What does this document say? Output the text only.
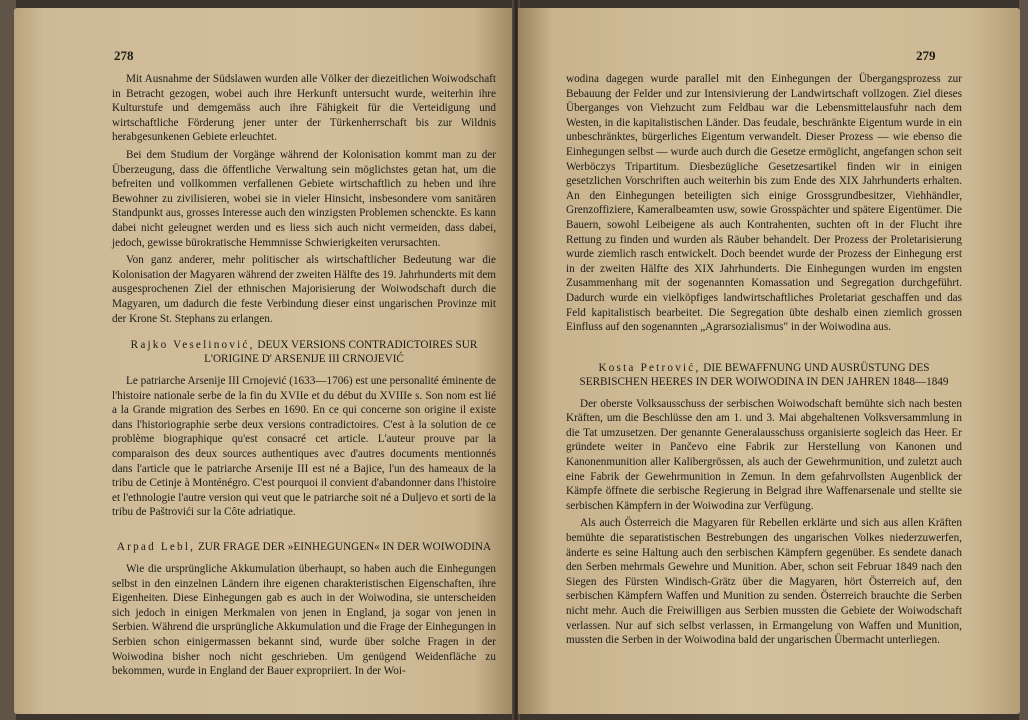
278

Mit Ausnahme der Südslawen wurden alle Völker der diezeitlichen Woiwodschaft in Betracht gezogen, wobei auch ihre Herkunft untersucht wurde, weiterhin ihre Kulturstufe und demgemäss auch ihre Fähigkeit für die Verteidigung und wirtschaftliche Förderung jener unter der Türkenherrschaft bis zur Wildnis herabgesunkenen Gebiete erleuchtet.

Bei dem Studium der Vorgänge während der Kolonisation kommt man zu der Überzeugung, dass die öffentliche Verwaltung sein möglichstes getan hat, um die befreiten und vollkommen verfallenen Gebiete wirtschaftlich zu heben und ihre Bewohner zu zivilisieren, wobei sie in vieler Hinsicht, insbesondere vom sanitären Standpunkt aus, grosses Interesse auch den winzigsten Problemen schenckte. Es kann dabei nicht geleugnet werden und es liess sich auch nicht vermeiden, dass dabei, jedoch, gewisse bürokratische Hemmnisse Schwierigkeiten verursachten.

Von ganz anderer, mehr politischer als wirtschaftlicher Bedeutung war die Kolonisation der Magyaren während der zweiten Hälfte des 19. Jahrhunderts mit dem ausgesprochenen Ziel der ethnischen Majorisierung der Woiwodschaft durch die Magyaren, um dadurch die feste Verbindung dieser einst ungarischen Provinze mit der Krone St. Stephans zu erlangen.

Rajko Veselinović, DEUX VERSIONS CONTRADICTOIRES SUR L'ORIGINE D' ARSENIJE III CRNOJEVIĆ

Le patriarche Arsenije III Crnojević (1633—1706) est une personalité éminente de l'histoire nationale serbe de la fin du XVIIe et du début du XVIIIe s. Son nom est lié a la Grande migration des Serbes en 1690. En ce qui concerne son origine il existe dans l'historiographie serbe deux versions contradictoires. C'est à la solution de ce problème biographique qu'est consacré cet article. L'auteur prouve par la comparaison des deux sources authentiques avec d'autres documents mentionnés dans l'article que le patriarche Arsenije III est né a Bajice, l'un des hameaux de la tribu de Cetinje à Monténégro. C'est pourquoi il convient d'abandonner dans l'histoire et l'ethnologie l'autre version qui veut que le patriarche soit né a Duljevo et sorti de la tribu de Paštrovići sur la Côte adriatique.

Arpad Lebl, ZUR FRAGE DER »EINHEGUNGEN« IN DER WOIWODINA

Wie die ursprüngliche Akkumulation überhaupt, so haben auch die Einhegungen selbst in den einzelnen Ländern ihre eigenen charakteristischen Eigenschaften, ihre Eigenheiten. Diese Einhegungen gab es auch in der Woiwodina, sie unterscheiden sich jedoch in einigen Merkmalen von jenen in England, ja sogar von jenen in Serbien. Während die ursprüngliche Akkumulation und die Frage der Einhegungen in Serbien schon einigermassen bekannt sind, wurde über solche Fragen in der Woiwodina bisher noch nicht geschrieben. Um genügend Weidenfläche zu bekommen, wurde in England der Bauer expropriiert. In der Woi-

279

wodina dagegen wurde parallel mit den Einhegungen der Übergangsprozess zur Bebauung der Felder und zur Intensivierung der Landwirtschaft vollzogen. Ziel dieses Überganges von Viehzucht zum Feldbau war die Lebensmittelausfuhr nach dem Westen, in die kapitalistischen Länder. Das feudale, beschränkte Eigentum wurde in ein unbeschränktes, bürgerliches Eigentum verwandelt. Dieser Prozess — wie ebenso die Einhegungen selbst — wurde auch durch die Gesetze ermöglicht, angefangen schon seit Werböczys Tripartitum. Diesbezügliche Gesetzesartikel finden wir in einigen gesetzlichen Vorschriften auch weiterhin bis zum Ende des XIX Jahrhunderts erhalten. An den Einhegungen beteiligten sich einige Grossgrundbesitzer, Viehhändler, Grenzoffiziere, Kameralbeamten usw, sowie Grosspächter und spätere Eigentümer. Die Bauern, sowohl Leibeigene als auch Kontrahenten, suchten oft in der Flucht ihre Rettung zu finden und wurden als Räuber behandelt. Der Prozess der Proletarisierung wurde ziemlich rasch entwickelt. Doch beendet wurde der Prozess der Einhegung erst in der zweiten Hälfte des XIX Jahrhunderts. Die Einhegungen wurden im engsten Zusammenhang mit der sogenannten Komassation und Segregation durchgeführt. Dadurch wurde ein vielköpfiges landwirtschaftliches Proletariat geschaffen und das Feld kapitalistisch bearbeitet. Die Segregation übte deshalb einen ziemlich grossen Einfluss auf den sogenannten „Agrarsozialismus" in der Woiwodina aus.

Kosta Petrović, DIE BEWAFFNUNG UND AUSRÜSTUNG DES SERBISCHEN HEERES IN DER WOIWODINA IN DEN JAHREN 1848—1849

Der oberste Volksausschuss der serbischen Woiwodschaft bemühte sich nach besten Kräften, um die Beschlüsse den am 1. und 3. Mai abgehaltenen Volksversammlung in die Tat umzusetzen. Der genannte Generalausschuss organisierte sogleich das Heer. Er gründete weiter in Pančevo eine Fabrik zur Herstellung von Kanonen und Kanonenmunition aller Kalibergrössen, als auch der Gewehrmunition, und zuletzt auch eine Fabrik der Gewehrmunition in Zemun. In dem gefahrvollsten Augenblick der Kämpfe öffnete die serbische Regierung in Belgrad ihre Waffenarsenale und stellte sie serbischen Kämpfern in der Woiwodina zur Verfügung.

Als auch Österreich die Magyaren für Rebellen erklärte und sich aus allen Kräften bemühte die separatistischen Bestrebungen des ungarischen Volkes niederzuwerfen, änderte es seine Haltung auch den serbischen Kämpfern gegenüber. Es sendete danach den Serben mehrmals Gewehre und Munition. Aber, schon seit Februar 1849 nach den Siegen des Fürsten Windisch-Grätz über die Magyaren, hört Österreich auf, den serbischen Kämpfern Waffen und Munition zu senden. Österreich brauchte die Serben nicht mehr. Auch die Freiwilligen aus Serbien mussten die Gebiete der Woiwodschaft verlassen. Nur auf sich selbst verlassen, in Ermangelung von Waffen und Munition, mussten die Serben in der Woiwodina bald der ungarischen Übermacht unterliegen.
